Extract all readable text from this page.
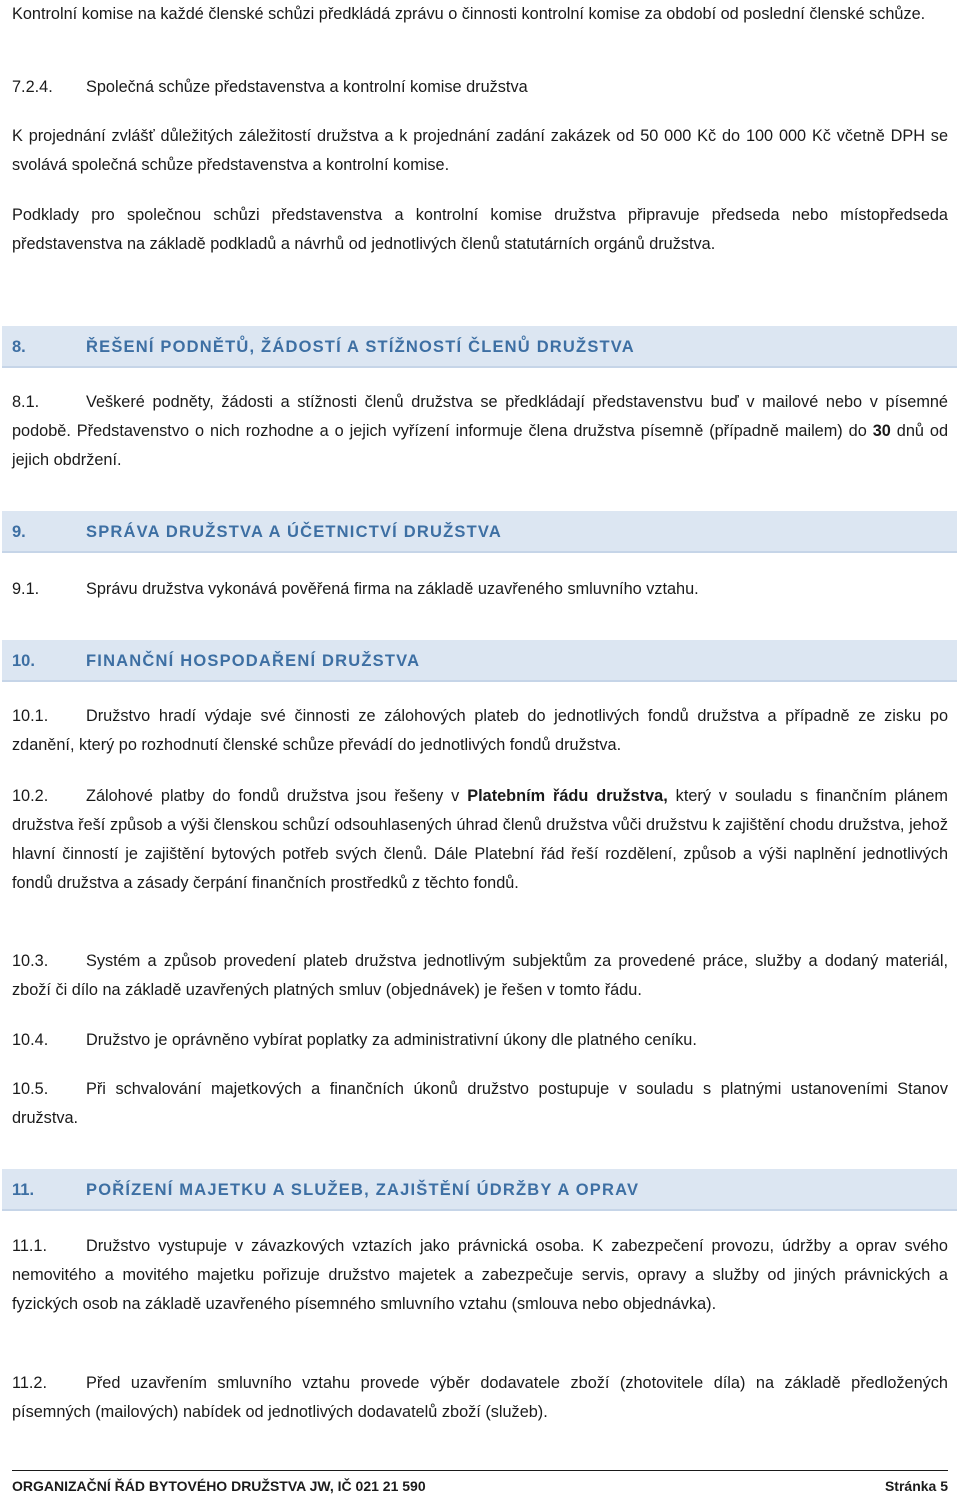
Kontrolní komise na každé členské schůzi předkládá zprávu o činnosti kontrolní komise za období od poslední členské schůze.

7.2.4. Společná schůze představenstva a kontrolní komise družstva

K projednání zvlášť důležitých záležitostí družstva a k projednání zadání zakázek od 50 000 Kč do 100 000 Kč včetně DPH se svolává společná schůze představenstva a kontrolní komise.

Podklady pro společnou schůzi představenstva a kontrolní komise družstva připravuje předseda nebo místopředseda představenstva na základě podkladů a návrhů od jednotlivých členů statutárních orgánů družstva.

8.	ŘEŠENÍ PODNĚTŮ, ŽÁDOSTÍ A STÍŽNOSTÍ ČLENŮ DRUŽSTVA

8.1.	Veškeré podněty, žádosti a stížnosti členů družstva se předkládají představenstvu buď v mailové nebo v písemné podobě. Představenstvo o nich rozhodne a o jejich vyřízení informuje člena družstva písemně (případně mailem) do 30 dnů od jejich obdržení.

9.	SPRÁVA DRUŽSTVA A ÚČETNICTVÍ DRUŽSTVA

9.1.	Správu družstva vykonává pověřená firma na základě uzavřeného smluvního vztahu.

10.	FINANČNÍ HOSPODAŘENÍ DRUŽSTVA

10.1. Družstvo hradí výdaje své činnosti ze zálohových plateb do jednotlivých fondů družstva a případně ze zisku po zdanění, který po rozhodnutí členské schůze převádí do jednotlivých fondů družstva.

10.2. Zálohové platby do fondů družstva jsou řešeny v Platebním řádu družstva, který v souladu s finančním plánem družstva řeší způsob a výši členskou schůzí odsouhlasených úhrad členů družstva vůči družstvu k zajištění chodu družstva, jehož hlavní činností je zajištění bytových potřeb svých členů. Dále Platební řád řeší rozdělení, způsob a výši naplnění jednotlivých fondů družstva a zásady čerpání finančních prostředků z těchto fondů.

10.3. Systém a způsob provedení plateb družstva jednotlivým subjektům za provedené práce, služby a dodaný materiál, zboží či dílo na základě uzavřených platných smluv (objednávek) je řešen v tomto řádu.

10.4. Družstvo je oprávněno vybírat poplatky za administrativní úkony dle platného ceníku.

10.5. Při schvalování majetkových a finančních úkonů družstvo postupuje v souladu s platnými ustanoveními Stanov družstva.

11.	POŘÍZENÍ MAJETKU A SLUŽEB, ZAJIŠTĚNÍ ÚDRŽBY A OPRAV

11.1. Družstvo vystupuje v závazkových vztazích jako právnická osoba. K zabezpečení provozu, údržby a oprav svého nemovitého a movitého majetku pořizuje družstvo majetek a zabezpečuje servis, opravy a služby od jiných právnických a fyzických osob na základě uzavřeného písemného smluvního vztahu (smlouva nebo objednávka).

11.2. Před uzavřením smluvního vztahu provede výběr dodavatele zboží (zhotovitele díla) na základě předložených písemných (mailových) nabídek od jednotlivých dodavatelů zboží (služeb).

ORGANIZAČNÍ ŘÁD BYTOVÉHO DRUŽSTVA JW, IČ 021 21 590	Stránka 5
